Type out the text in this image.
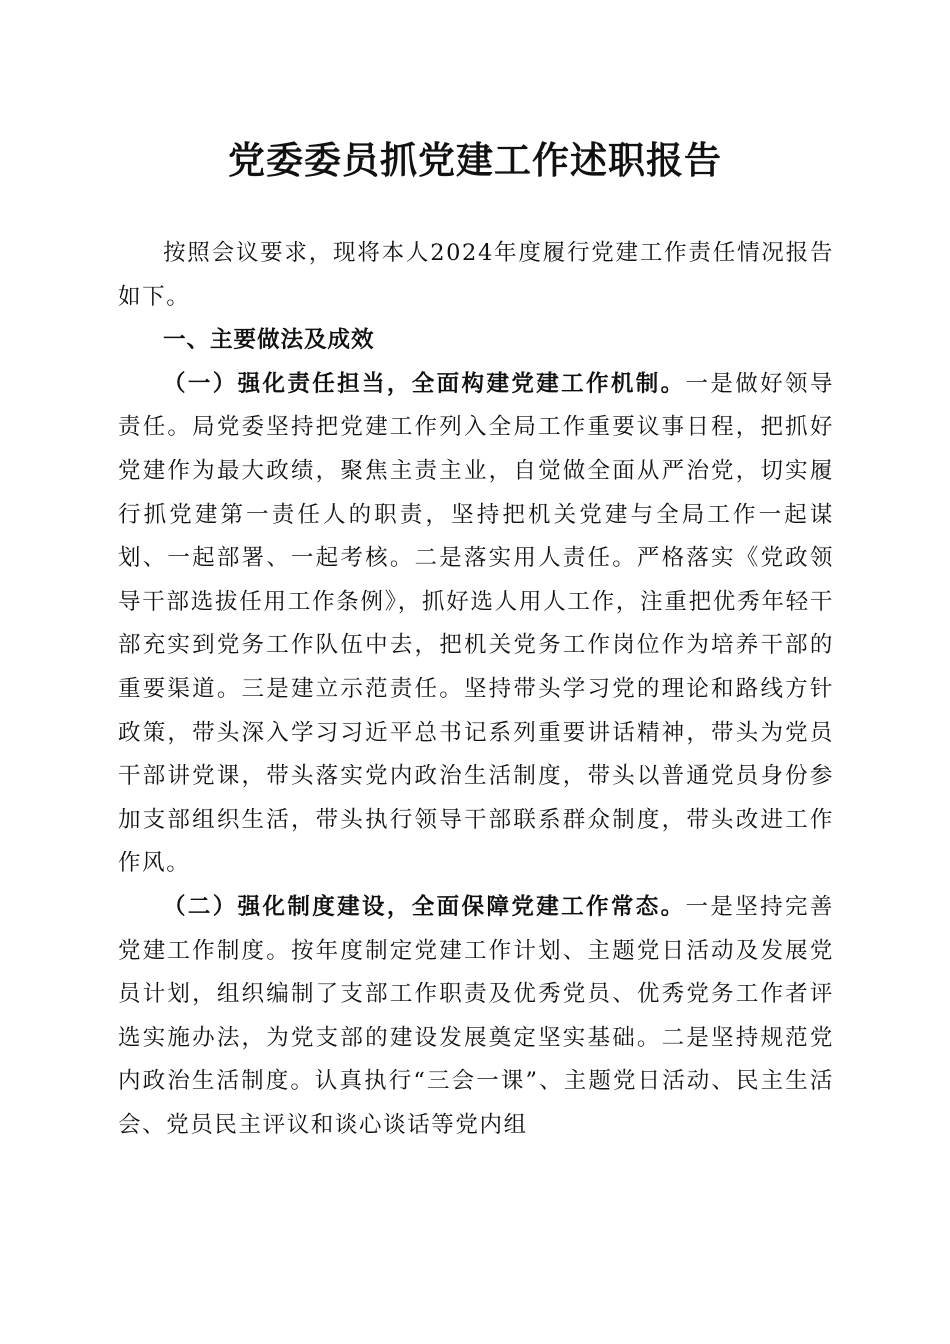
党委委员抓党建工作述职报告

按照会议要求，现将本人2024年度履行党建工作责任情况报告如下。

一、主要做法及成效

（一）强化责任担当，全面构建党建工作机制。一是做好领导责任。局党委坚持把党建工作列入全局工作重要议事日程，把抓好党建作为最大政绩，聚焦主责主业，自觉做全面从严治党，切实履行抓党建第一责任人的职责，坚持把机关党建与全局工作一起谋划、一起部署、一起考核。二是落实用人责任。严格落实《党政领导干部选拔任用工作条例》，抓好选人用人工作，注重把优秀年轻干部充实到党务工作队伍中去，把机关党务工作岗位作为培养干部的重要渠道。三是建立示范责任。坚持带头学习党的理论和路线方针政策，带头深入学习习近平总书记系列重要讲话精神，带头为党员干部讲党课，带头落实党内政治生活制度，带头以普通党员身份参加支部组织生活，带头执行领导干部联系群众制度，带头改进工作作风。

（二）强化制度建设，全面保障党建工作常态。一是坚持完善党建工作制度。按年度制定党建工作计划、主题党日活动及发展党员计划，组织编制了支部工作职责及优秀党员、优秀党务工作者评选实施办法，为党支部的建设发展奠定坚实基础。二是坚持规范党内政治生活制度。认真执行“三会一课”、主题党日活动、民主生活会、党员民主评议和谈心谈话等党内组
